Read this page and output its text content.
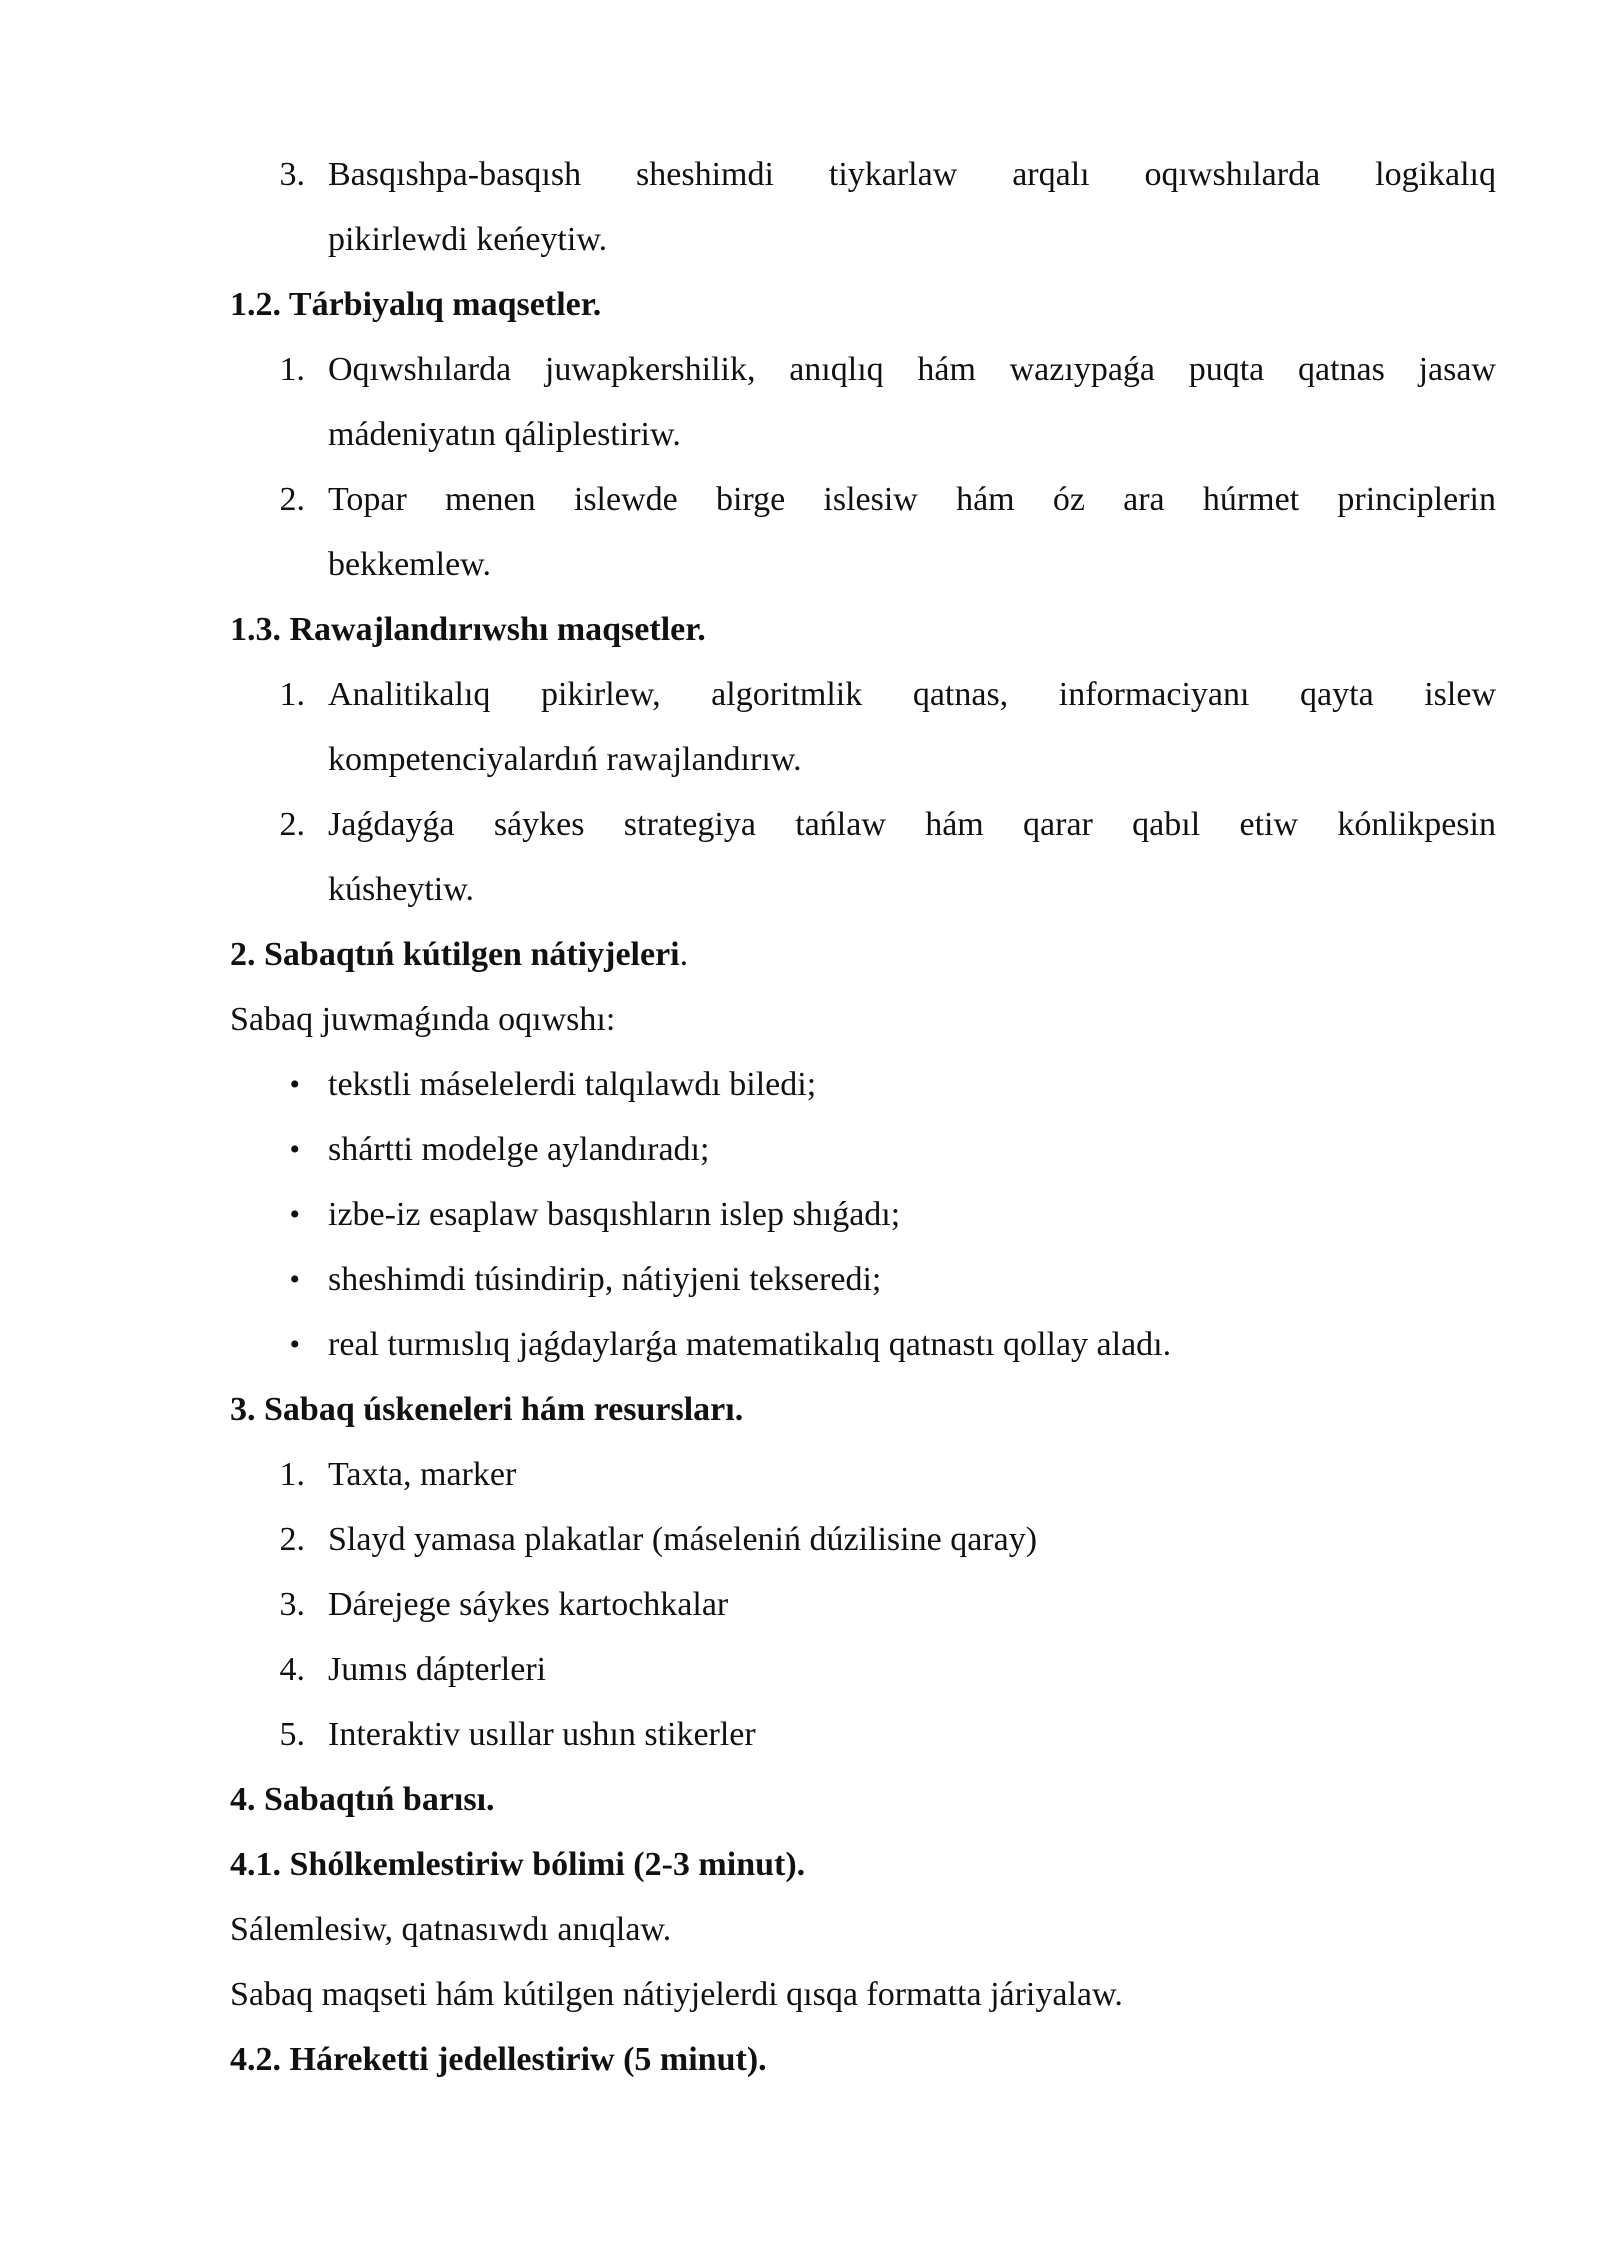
3. Basqıshpa-basqısh sheshimdi tiykarlaw arqalı oqıwshılarda logikalıq
pikirlewdi keńeytiw.
1.2. Tárbiyalıq maqsetler.
1. Oqıwshılarda juwapkershilik, anıqlıq hám wazıypaǵa puqta qatnas jasaw
mádeniyatın qáliplestiriw.
2. Topar menen islewde birge islesiw hám óz ara húrmet principlerin
bekkemlew.
1.3. Rawajlandırıwshı maqsetler.
1. Analitikalıq pikirlew, algoritmlik qatnas, informaciyanı qayta islew
kompetenciyalardıń rawajlandırıw.
2. Jaǵdayǵa sáykes strategiya tańlaw hám qarar qabıl etiw kónlikpesin
kúsheytiw.
2. Sabaqtıń kútilgen nátiyjeleri.
Sabaq juwmaǵında oqıwshı:
• tekstli máselelerdi talqılawdı biledi;
• shártti modelge aylandıradı;
• izbe-iz esaplaw basqıshların islep shıǵadı;
• sheshimdi túsindirip, nátiyjeni tekseredi;
• real turmıslıq jaǵdaylarǵa matematikalıq qatnastı qollay aladı.
3. Sabaq úskeneleri hám resursları.
1. Taxta, marker
2. Slayd yamasa plakatlar (máseleniń dúzilisine qaray)
3. Dárejege sáykes kartochkalar
4. Jumıs dápterleri
5. Interaktiv usıllar ushın stikerler
4. Sabaqtıń barısı.
4.1. Shólkemlestiriw bólimi (2-3 minut).
Sálemlesiw, qatnasıwdı anıqlaw.
Sabaq maqseti hám kútilgen nátiyjelerdi qısqa formatta járiyalaw.
4.2. Háreketti jedellestiriw (5 minut).
